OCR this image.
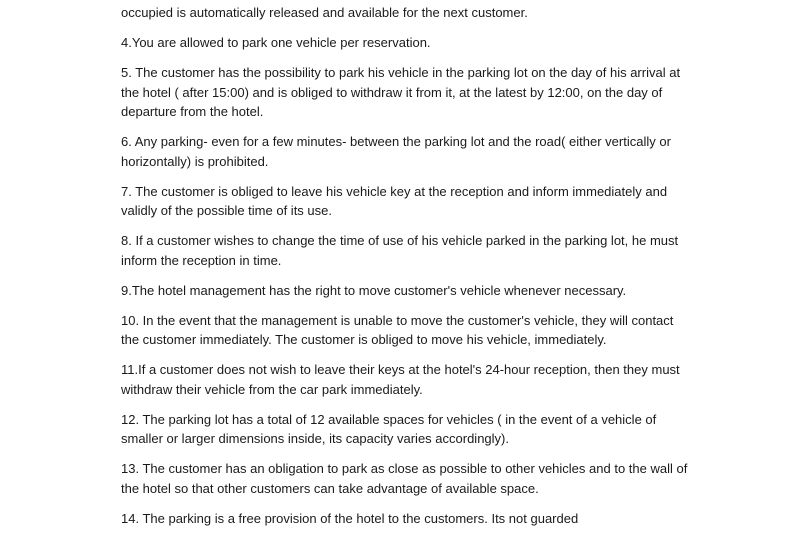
occupied is automatically released and available for the next customer.

4.You are allowed to park one vehicle per reservation.

5. The customer has the possibility to park his vehicle in the parking lot on the day of his arrival at the hotel ( after 15:00) and is obliged to withdraw it from it, at the latest by 12:00, on the day of departure from the hotel.

6. Any parking- even for a few minutes- between the parking lot and the road( either vertically or horizontally) is prohibited.

7. The customer is obliged to leave his vehicle key at the reception and inform immediately and validly of the possible time of its use.

8. If a customer wishes to change the time of use of his vehicle parked in the parking lot, he must inform the reception in time.

9.The hotel management has the right to move customer's vehicle whenever necessary.

10. In the event that the management is unable to move the customer's vehicle, they will contact the customer immediately. The customer is obliged to move his vehicle, immediately.

11.If a customer does not wish to leave their keys at the hotel's 24-hour reception, then they must withdraw their vehicle from the car park immediately.

12. The parking lot has a total of 12 available spaces for vehicles ( in the event of a vehicle of smaller or larger dimensions inside, its capacity varies accordingly).

13. The customer has an obligation to park as close as possible to other vehicles and to the wall of the hotel so that other customers can take advantage of available space.

14. The parking is a free provision of the hotel to the customers. Its not guarded
